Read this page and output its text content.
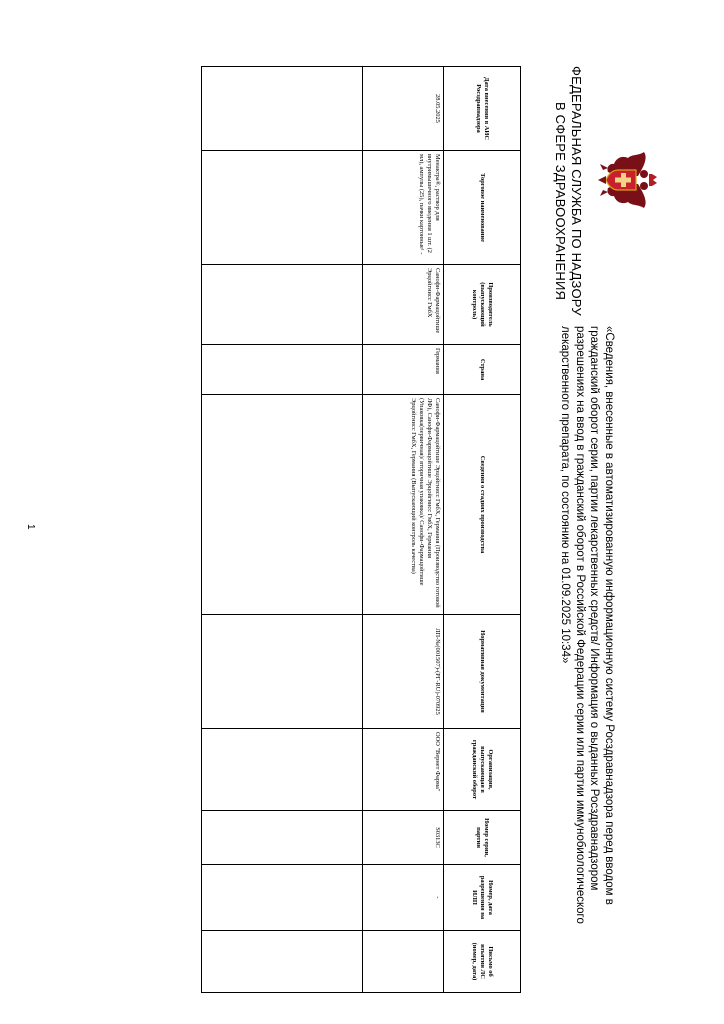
ФЕДЕРАЛЬНАЯ СЛУЖБА ПО НАДЗОРУ
В СФЕРЕ ЗДРАВООХРАНЕНИЯ
«Сведения, внесенные в автоматизированную информационную систему Росздравнадзора перед вводом в гражданский оборот серии, партии лекарственных средств/ Информация о выданных Росздравнадзором разрешениях на ввод в гражданский оборот в Российской Федерации серии или партии иммунобиологического лекарственного препарата, по состоянию на 01.09.2025 10:34»
Дата внесения в АИС Росздравнадзора	Торговое наименование	Производитель (выпускающий контроль)	Страна	Сведения о стадиях производства	Нормативная документация	Организация, выпускающая в гражданский оборот	Номер серии, партии	Номер, дата разрешения на ИЛП	Письмо об изъятии ЛС (номер, дата)
28.05.2025	Менактра®, раствор для внутримышечного введения 1 шт. (2 мл), ампулы (25), пачки картонные¹ -	Санофи-Фармацойтише Эрцойгнисс ГмбХ	Германия	Санофи-Фармацойтише Эрцойгнисс ГмбХ, Германия (Производство готовой ЛФ), Санофи-Фармацойтише Эрцойгнисс ГмбХ, Германия (Упаковка(первичная)/ вторичная упаковка)/ Санофи-Фармацойтише Эрцойгнисс ГмбХ, Германия (Выпускающий контроль качества)	ЛП-№(001507)-(РГ-RU)-070925	ООО "Вернет Фарма"	S0313C	-	

1
